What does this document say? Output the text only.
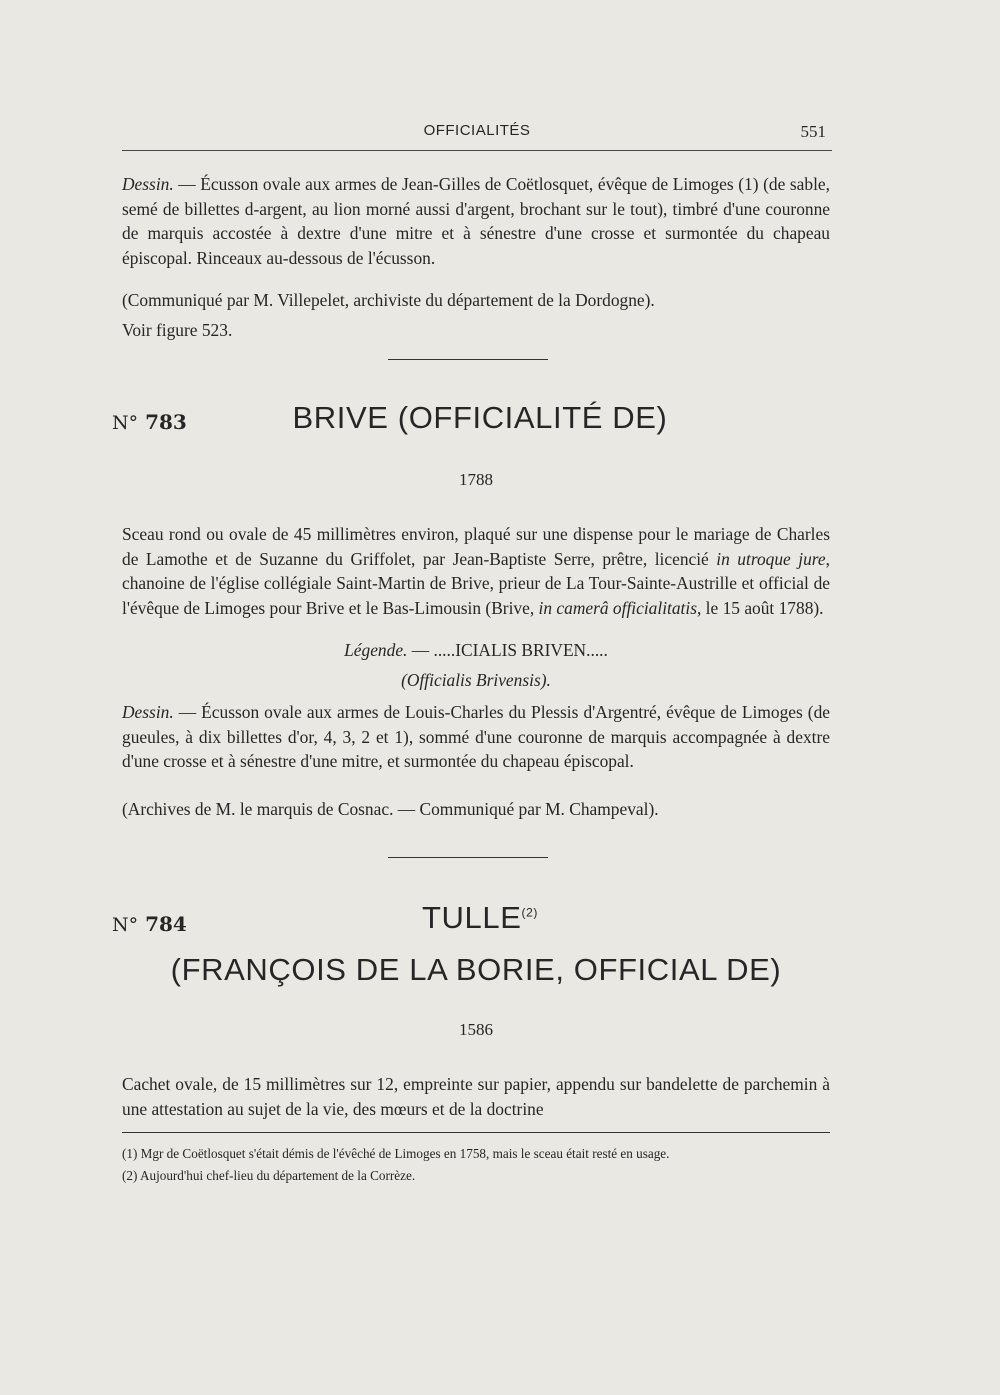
OFFICIALITÉS	551

Dessin. — Écusson ovale aux armes de Jean-Gilles de Coëtlosquet, évêque de Limoges (1) (de sable, semé de billettes d-argent, au lion morné aussi d'argent, brochant sur le tout), timbré d'une couronne de marquis accostée à dextre d'une mitre et à sénestre d'une crosse et surmontée du chapeau épiscopal. Rinceaux au-dessous de l'écusson.

(Communiqué par M. Villepelet, archiviste du département de la Dordogne).

Voir figure 523.

N° 783	BRIVE (OFFICIALITÉ DE)
1788

Sceau rond ou ovale de 45 millimètres environ, plaqué sur une dispense pour le mariage de Charles de Lamothe et de Suzanne du Griffolet, par Jean-Baptiste Serre, prêtre, licencié in utroque jure, chanoine de l'église collégiale Saint-Martin de Brive, prieur de La Tour-Sainte-Austrille et official de l'évêque de Limoges pour Brive et le Bas-Limousin (Brive, in camerâ officialitatis, le 15 août 1788).

Légende. — .....ICIALIS BRIVEN.....
(Officialis Brivensis).

Dessin. — Écusson ovale aux armes de Louis-Charles du Plessis d'Argentré, évêque de Limoges (de gueules, à dix billettes d'or, 4, 3, 2 et 1), sommé d'une couronne de marquis accompagnée à dextre d'une crosse et à sénestre d'une mitre, et surmontée du chapeau épiscopal.

(Archives de M. le marquis de Cosnac. — Communiqué par M. Champeval).

N° 784	TULLE$^{(2)}$
(FRANÇOIS DE LA BORIE, OFFICIAL DE)
1586

Cachet ovale, de 15 millimètres sur 12, empreinte sur papier, appendu sur bandelette de parchemin à une attestation au sujet de la vie, des mœurs et de la doctrine

(1) Mgr de Coëtlosquet s'était démis de l'évêché de Limoges en 1758, mais le sceau était resté en usage.
(2) Aujourd'hui chef-lieu du département de la Corrèze.
